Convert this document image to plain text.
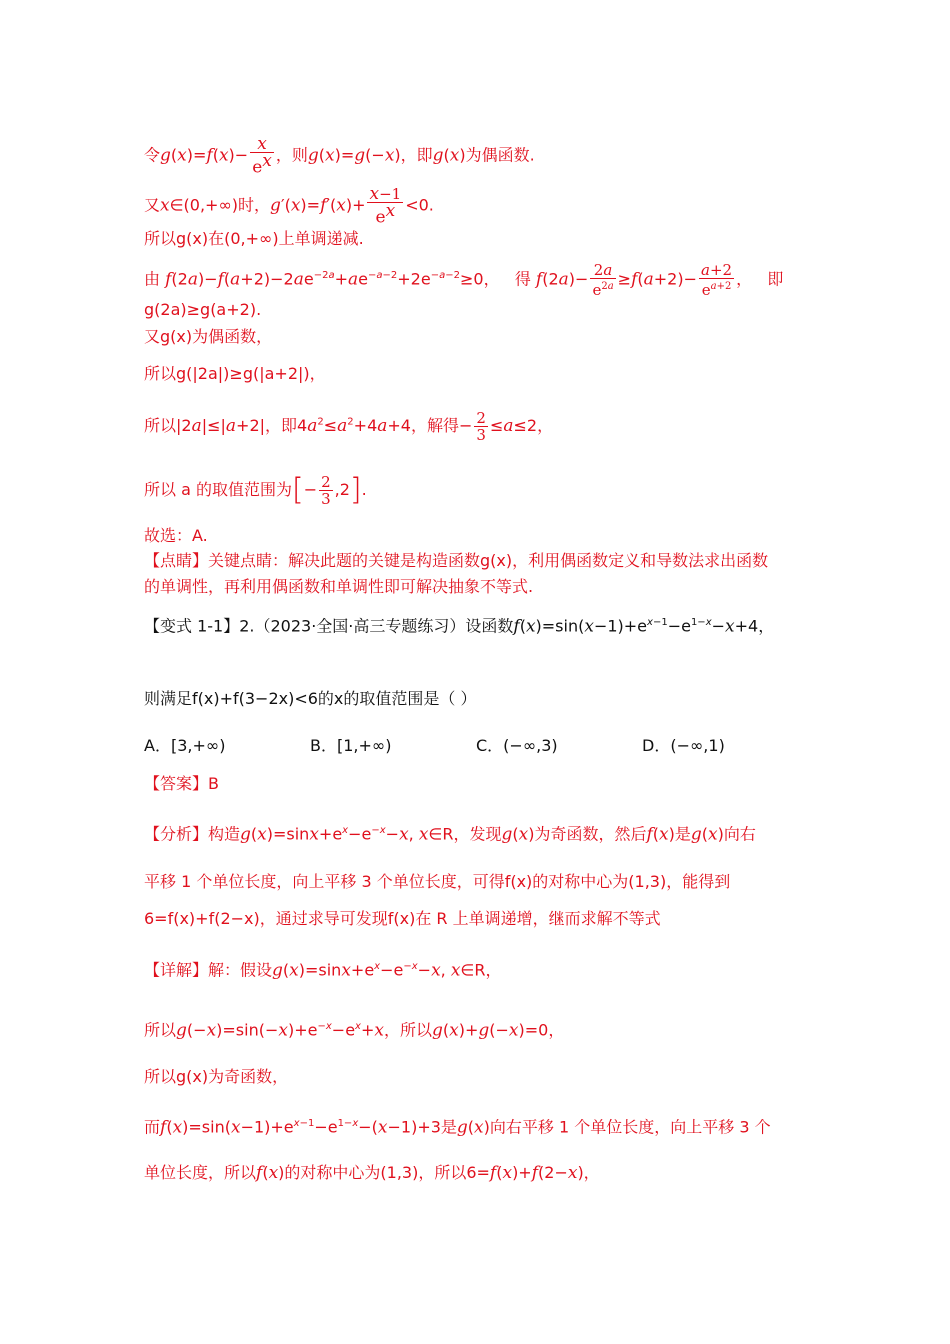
令$g(x)=f(x)- \frac{x}{e^x}$ ，则g(x)=g(−x)，即g(x)为偶函数.
又x∈(0,+∞)时，$g'(x)=f'(x)+ \frac{x-1}{e^x} <0$.
所以g(x)在(0,+∞)上单调递减.
由 $f(2a)-f(a+2)-2ae^{-2a}+ae^{-a-2}+2e^{-a-2}\ge 0$，   得 $f(2a)- \frac{2a}{e^{2a}} \ge f(a+2)- \frac{a+2}{e^{a+2}}$ ，   即
g(2a)≥g(a+2).
又g(x)为偶函数，
所以g(|2a|)≥g(|a+2|)，
所以|2a|≤|a+2|，即$4a^2\le a^2+4a+4$，解得− $\frac{2}{3} \le a\le 2$，
所以 a 的取值范围为[− $\frac{2}{3} ,2$].
故选：A.
【点睛】关键点睛：解决此题的关键是构造函数g(x)，利用偶函数定义和导数法求出函数
的单调性，再利用偶函数和单调性即可解决抽象不等式.
【变式 1-1】2.（2023·全国·高三专题练习）设函数$f(x)=\sin(x-1)+e^{x-1}-e^{1-x}-x+4$，
则满足f(x)+f(3−2x)<6的x的取值范围是（ ）
A．[3,+∞)	B．[1,+∞)	C．(−∞,3)	D．(−∞,1)
【答案】B
【分析】构造$g(x)=\sin x+e^x-e^{-x}-x$, x∈R，发现g(x)为奇函数，然后f(x)是g(x)向右
平移 1 个单位长度，向上平移 3 个单位长度，可得f(x)的对称中心为(1,3)，能得到
6=f(x)+f(2−x)，通过求导可发现f(x)在 R 上单调递增，继而求解不等式
【详解】解：假设$g(x)=\sin x+e^x-e^{-x}-x$, x∈R，
所以$g(-x)=\sin(-x)+e^{-x}-e^x+x$，所以g(x)+g(−x)=0，
所以g(x)为奇函数，
而$f(x)=\sin(x-1)+e^{x-1}-e^{1-x}-(x-1)+3$是g(x)向右平移 1 个单位长度，向上平移 3 个
单位长度，所以f(x)的对称中心为(1,3)，所以6=f(x)+f(2−x)，
